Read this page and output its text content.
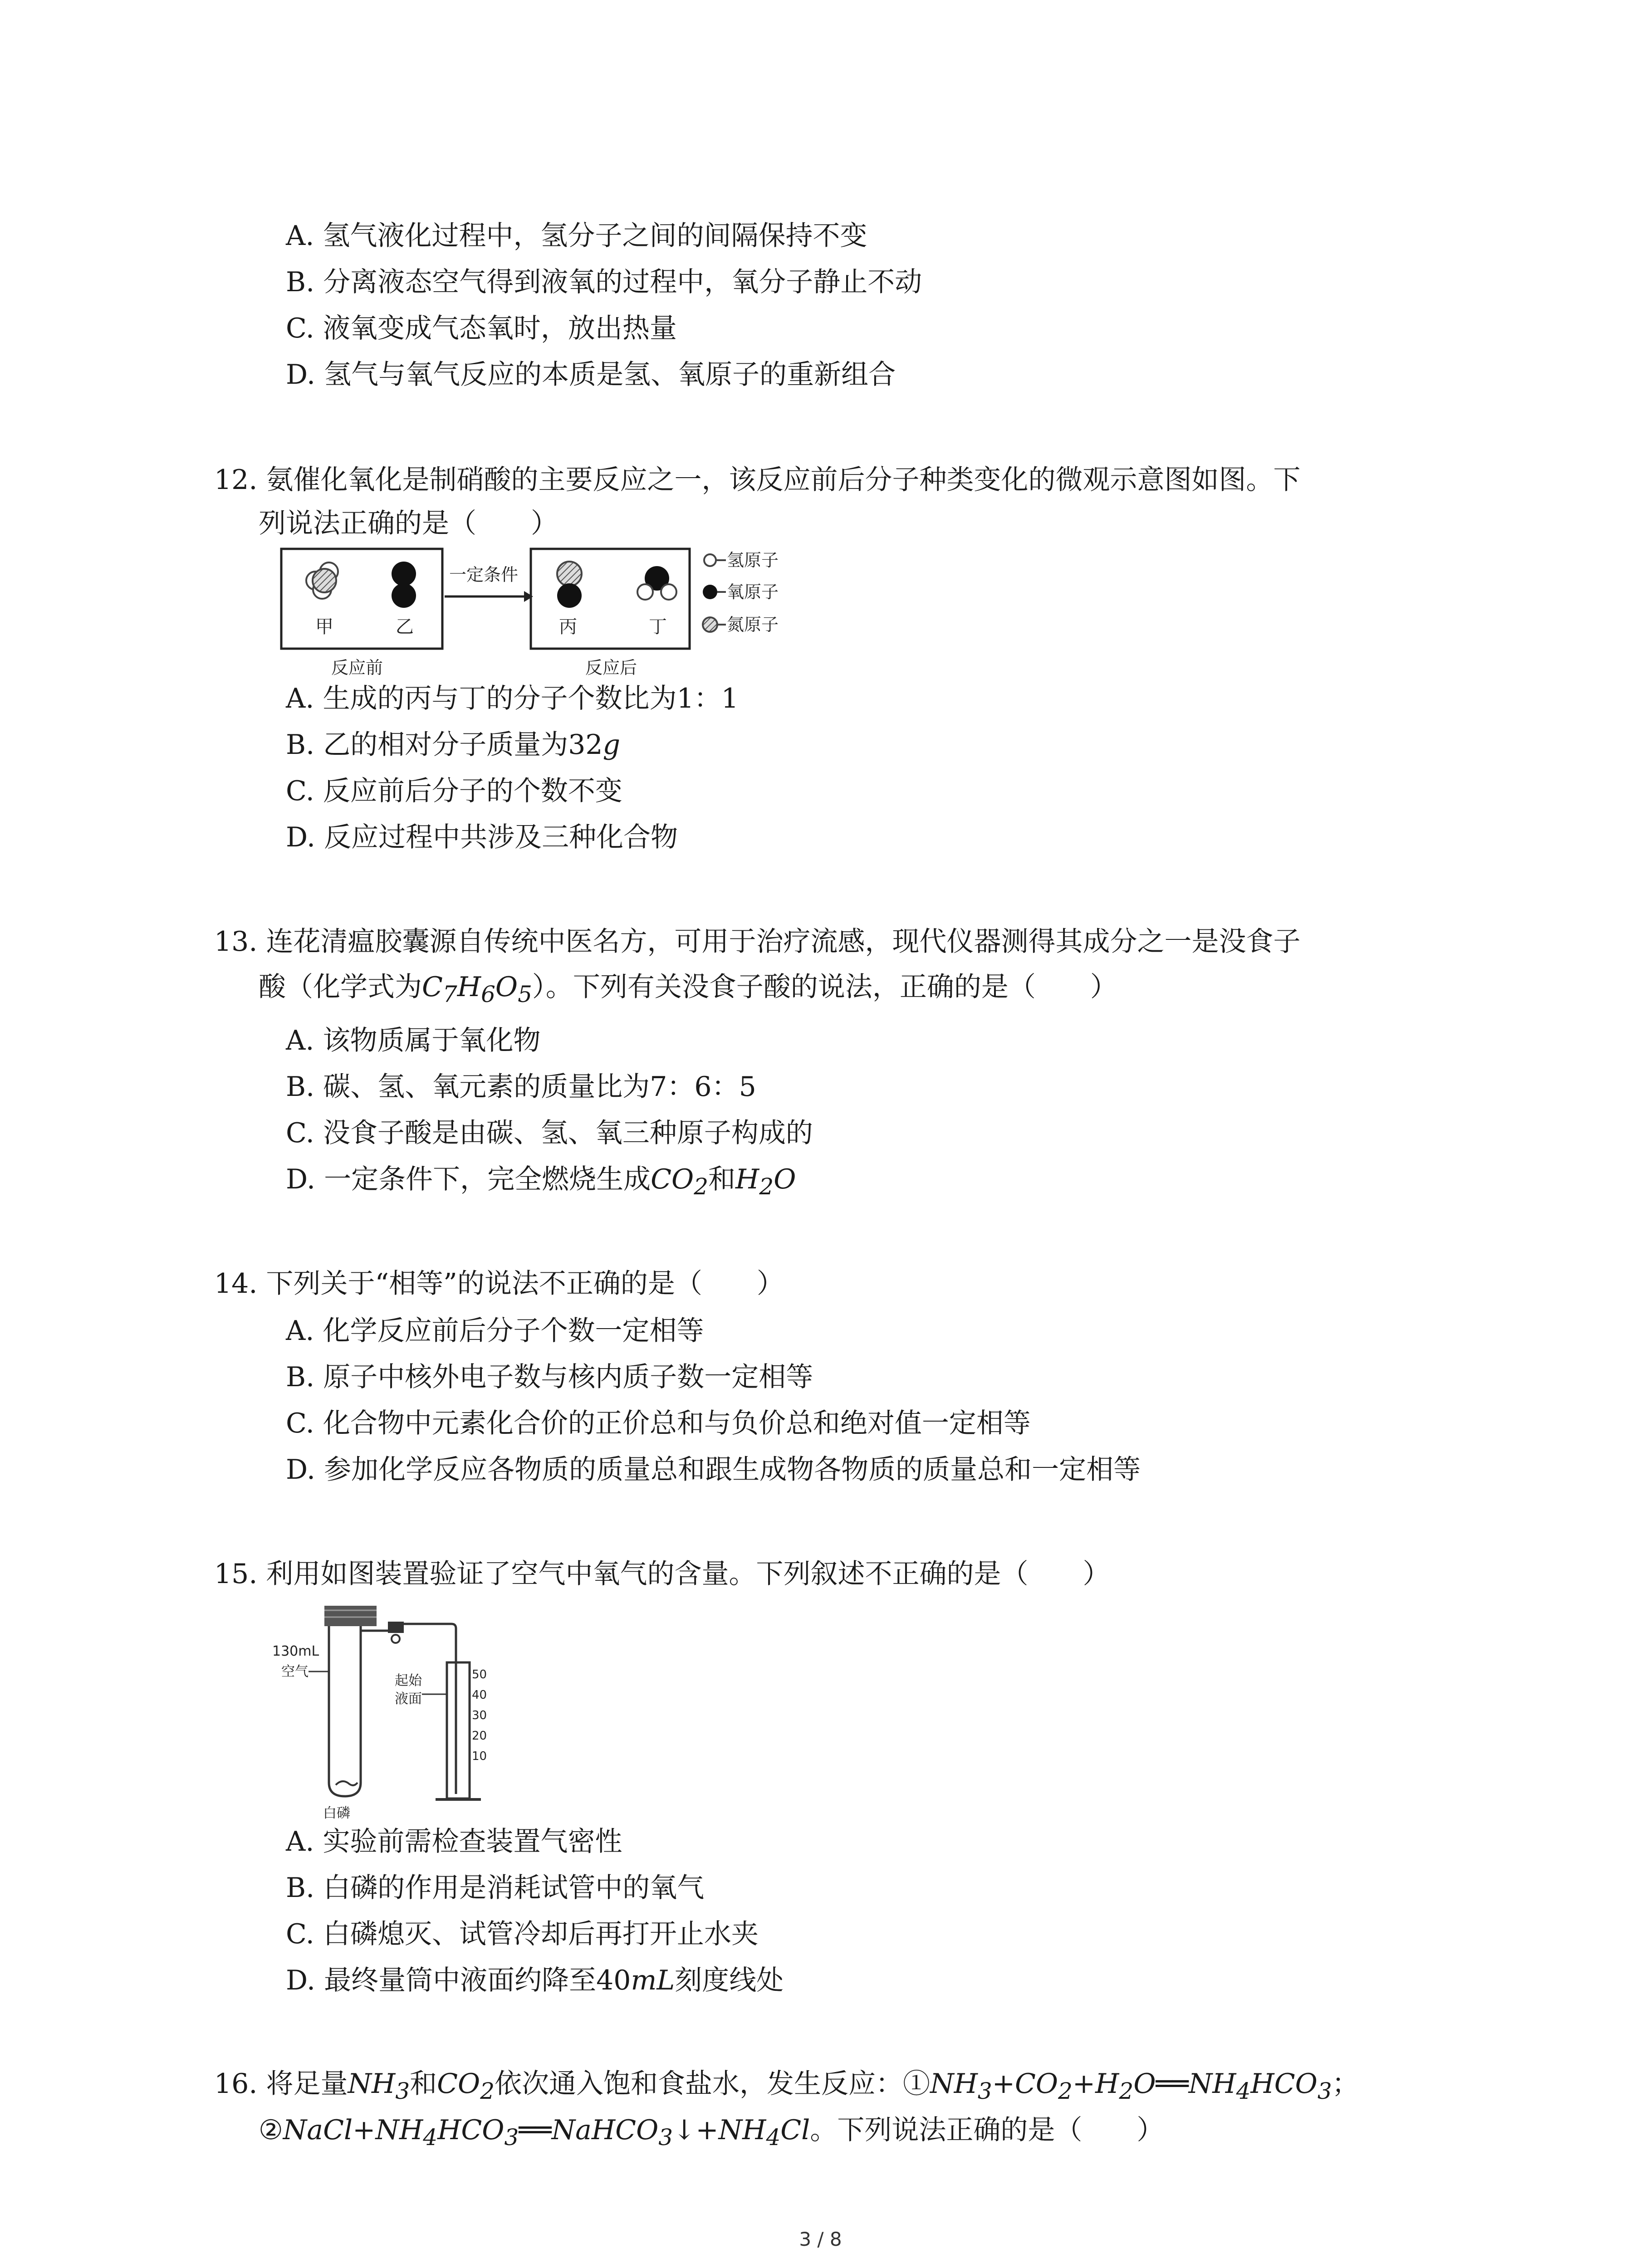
A. 氢气液化过程中，氢分子之间的间隔保持不变
B. 分离液态空气得到液氧的过程中，氧分子静止不动
C. 液氧变成气态氧时，放出热量
D. 氢气与氧气反应的本质是氢、氧原子的重新组合
12. 氨催化氧化是制硝酸的主要反应之一，该反应前后分子种类变化的微观示意图如图。下
列说法正确的是（　　）
一定条件
甲	乙	丙	丁
反应前	反应后
氢原子
氧原子
氮原子
A. 生成的丙与丁的分子个数比为1：1
B. 乙的相对分子质量为32g
C. 反应前后分子的个数不变
D. 反应过程中共涉及三种化合物
13. 连花清瘟胶囊源自传统中医名方，可用于治疗流感，现代仪器测得其成分之一是没食子
酸（化学式为$C_7H_6O_5$）。下列有关没食子酸的说法，正确的是（　　）
A. 该物质属于氧化物
B. 碳、氢、氧元素的质量比为7：6：5
C. 没食子酸是由碳、氢、氧三种原子构成的
D. 一定条件下，完全燃烧生成$CO_2$和$H_2O$
14. 下列关于“相等”的说法不正确的是（　　）
A. 化学反应前后分子个数一定相等
B. 原子中核外电子数与核内质子数一定相等
C. 化合物中元素化合价的正价总和与负价总和绝对值一定相等
D. 参加化学反应各物质的质量总和跟生成物各物质的质量总和一定相等
15. 利用如图装置验证了空气中氧气的含量。下列叙述不正确的是（　　）
50
40
30
20
10
130mL
空气
起始
液面
白磷
A. 实验前需检查装置气密性
B. 白磷的作用是消耗试管中的氧气
C. 白磷熄灭、试管冷却后再打开止水夹
D. 最终量筒中液面约降至40mL刻度线处
16. 将足量$NH_3$和$CO_2$依次通入饱和食盐水，发生反应：$①NH_3+CO_2+H_2O══NH_4HCO_3$；
$②NaCl+NH_4HCO_3══NaHCO_3↓+NH_4Cl$。下列说法正确的是（　　）
3 / 8
